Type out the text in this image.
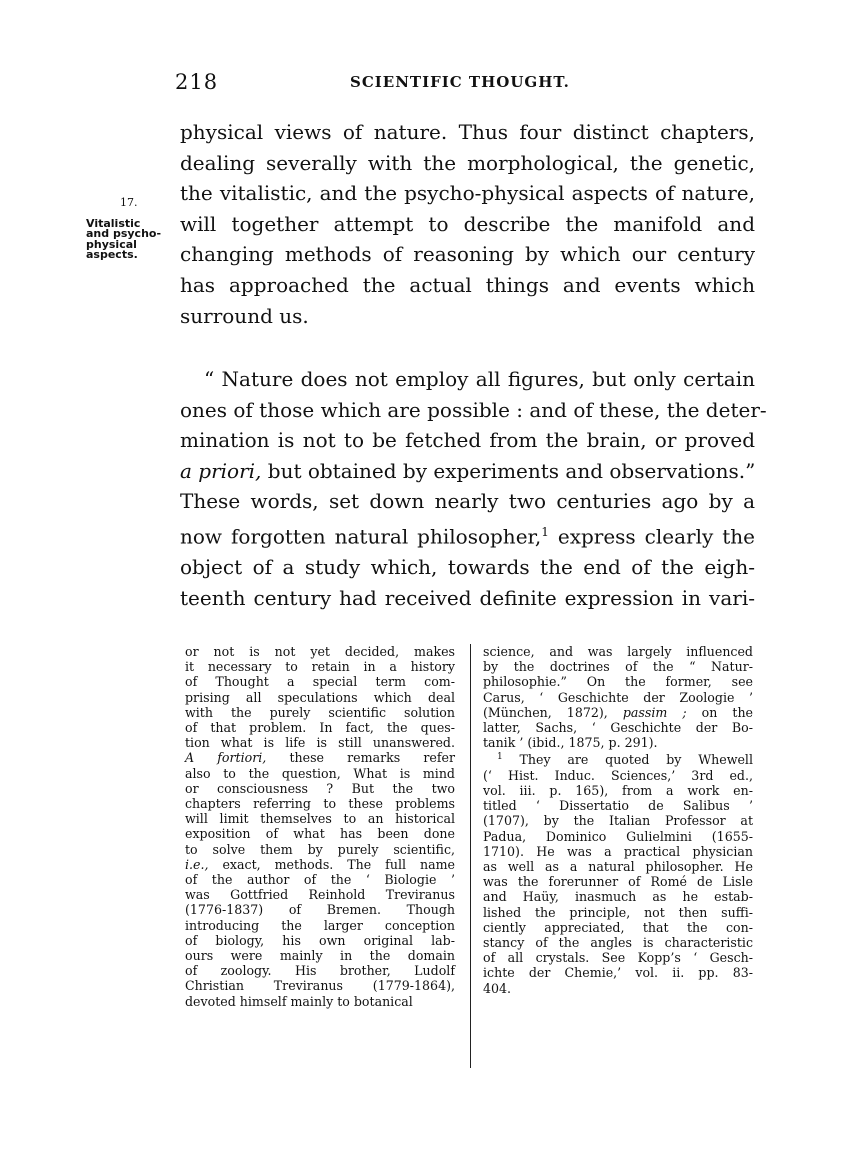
218	SCIENTIFIC THOUGHT.

17.

Vitalistic
and psycho-
physical
aspects.

physical views of nature. Thus four distinct chapters,
dealing severally with the morphological, the genetic,
the vitalistic, and the psycho-physical aspects of nature,
will together attempt to describe the manifold and
changing methods of reasoning by which our century
has approached the actual things and events which
surround us.
“ Nature does not employ all figures, but only certain
ones of those which are possible : and of these, the deter-
mination is not to be fetched from the brain, or proved
a priori, but obtained by experiments and observations.”
These words, set down nearly two centuries ago by a
now forgotten natural philosopher,$^1$ express clearly the
object of a study which, towards the end of the eigh-
teenth century had received definite expression in vari-
or not is not yet decided, makes
it necessary to retain in a history
of Thought a special term com-
prising all speculations which deal
with the purely scientific solution
of that problem. In fact, the ques-
tion what is life is still unanswered.
A fortiori, these remarks refer
also to the question, What is mind
or consciousness ? But the two
chapters referring to these problems
will limit themselves to an historical
exposition of what has been done
to solve them by purely scientific,
i.e., exact, methods. The full name
of the author of the ‘ Biologie ’
was Gottfried Reinhold Treviranus
(1776-1837) of Bremen. Though
introducing the larger conception
of biology, his own original lab-
ours were mainly in the domain
of zoology. His brother, Ludolf
Christian Treviranus (1779-1864),
devoted himself mainly to botanical
science, and was largely influenced
by the doctrines of the “ Natur-
philosophie.” On the former, see
Carus, ‘ Geschichte der Zoologie ’
(München, 1872), passim ; on the
latter, Sachs, ‘ Geschichte der Bo-
tanik ’ (ibid., 1875, p. 291).
$^1$ They are quoted by Whewell
(‘ Hist. Induc. Sciences,’ 3rd ed.,
vol. iii. p. 165), from a work en-
titled ‘ Dissertatio de Salibus ’
(1707), by the Italian Professor at
Padua, Dominico Gulielmini (1655-
1710). He was a practical physician
as well as a natural philosopher. He
was the forerunner of Romé de Lisle
and Haüy, inasmuch as he estab-
lished the principle, not then suffi-
ciently appreciated, that the con-
stancy of the angles is characteristic
of all crystals. See Kopp’s ‘ Gesch-
ichte der Chemie,’ vol. ii. pp. 83-
404.
